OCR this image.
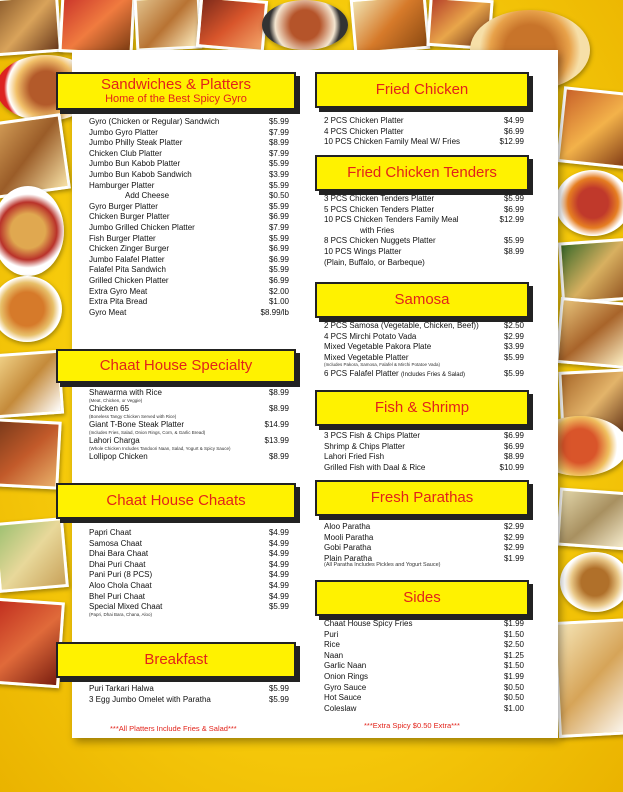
Sandwiches & Platters
Home of the Best Spicy Gyro
Gyro (Chicken or Regular) Sandwich	$5.99
Jumbo Gyro Platter	$7.99
Jumbo Philly Steak Platter	$8.99
Chicken Club Platter	$7.99
Jumbo Bun Kabob Platter	$5.99
Jumbo Bun Kabob Sandwich	$3.99
Hamburger Platter	$5.99
Add Cheese	$0.50
Gyro Burger Platter	$5.99
Chicken Burger Platter	$6.99
Jumbo Grilled Chicken Platter	$7.99
Fish Burger Platter	$5.99
Chicken Zinger Burger	$6.99
Jumbo Falafel Platter	$6.99
Falafel Pita Sandwich	$5.99
Grilled Chicken Platter	$6.99
Extra Gyro Meat	$2.00
Extra Pita Bread	$1.00
Gyro Meat	$8.99/lb
Chaat House Specialty
Shawarma with Rice	$8.99
(Meat, Chicken, or Veggie)
Chicken 65	$8.99
(Boneless Tangy Chicken Served with Rice)
Giant T-Bone Steak Platter	$14.99
(Includes Fries, Salad, Onion Rings, Corn, & Garlic Bread)
Lahori Charga	$13.99
(Whole Chicken Includes Tandoori Naan, Salad, Yogurt & Spicy Sauce)
Lollipop Chicken	$8.99
Chaat House Chaats
Papri Chaat	$4.99
Samosa Chaat	$4.99
Dhai Bara Chaat	$4.99
Dhai Puri Chaat	$4.99
Pani Puri (8 PCS)	$4.99
Aloo Chola Chaat	$4.99
Bhel Puri Chaat	$4.99
Special Mixed Chaat	$5.99
(Papri, Dhai Bara, Chana, Aloo)
Breakfast
Puri Tarkari Halwa	$5.99
3 Egg Jumbo Omelet with Paratha	$5.99
***All Platters Include Fries & Salad***
Fried Chicken
2 PCS Chicken Platter	$4.99
4 PCS Chicken Platter	$6.99
10 PCS Chicken Family Meal W/ Fries	$12.99
Fried Chicken Tenders
3 PCS Chicken Tenders Platter	$5.99
5 PCS Chicken Tenders Platter	$6.99
10 PCS Chicken Tenders Family Meal	$12.99
with Fries
8 PCS Chicken Nuggets Platter	$5.99
10 PCS Wings Platter	$8.99
(Plain, Buffalo, or Barbeque)
Samosa
2 PCS Samosa (Vegetable, Chicken, Beef))	$2.50
4 PCS Mirchi Potato Vada	$2.99
Mixed Vegetable Pakora Plate	$3.99
Mixed Vegetable Platter	$5.99
(Includes Pakora, Samosa, Falafel & Mirchi Potatoe Vada)
6 PCS Falafel Platter (Includes Fries & Salad)	$5.99
Fish & Shrimp
3 PCS Fish & Chips Platter	$6.99
Shrimp & Chips Platter	$6.99
Lahori Fried Fish	$8.99
Grilled Fish with Daal & Rice	$10.99
Fresh Parathas
Aloo Paratha	$2.99
Mooli Paratha	$2.99
Gobi Paratha	$2.99
Plain Paratha	$1.99
(All Paratha Includes Pickles and Yogurt Sauce)
Sides
Chaat House Spicy Fries	$1.99
Puri	$1.50
Rice	$2.50
Naan	$1.25
Garlic Naan	$1.50
Onion Rings	$1.99
Gyro Sauce	$0.50
Hot Sauce	$0.50
Coleslaw	$1.00
***Extra Spicy $0.50 Extra***
